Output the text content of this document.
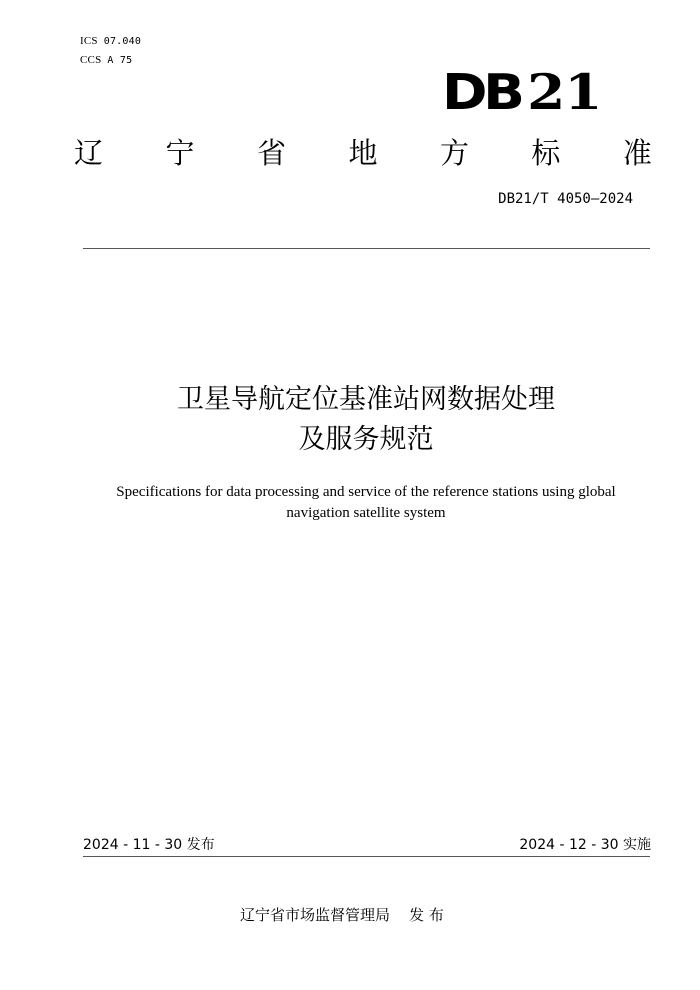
ICS 07.040
CCS A 75
DB 21
辽 宁 省 地 方 标 准
DB21/T 4050—2024
卫星导航定位基准站网数据处理
及服务规范
Specifications for data processing and service of the reference stations using global
navigation satellite system
2024 - 11 - 30 发布	2024 - 12 - 30 实施
辽宁省市场监督管理局    发 布
